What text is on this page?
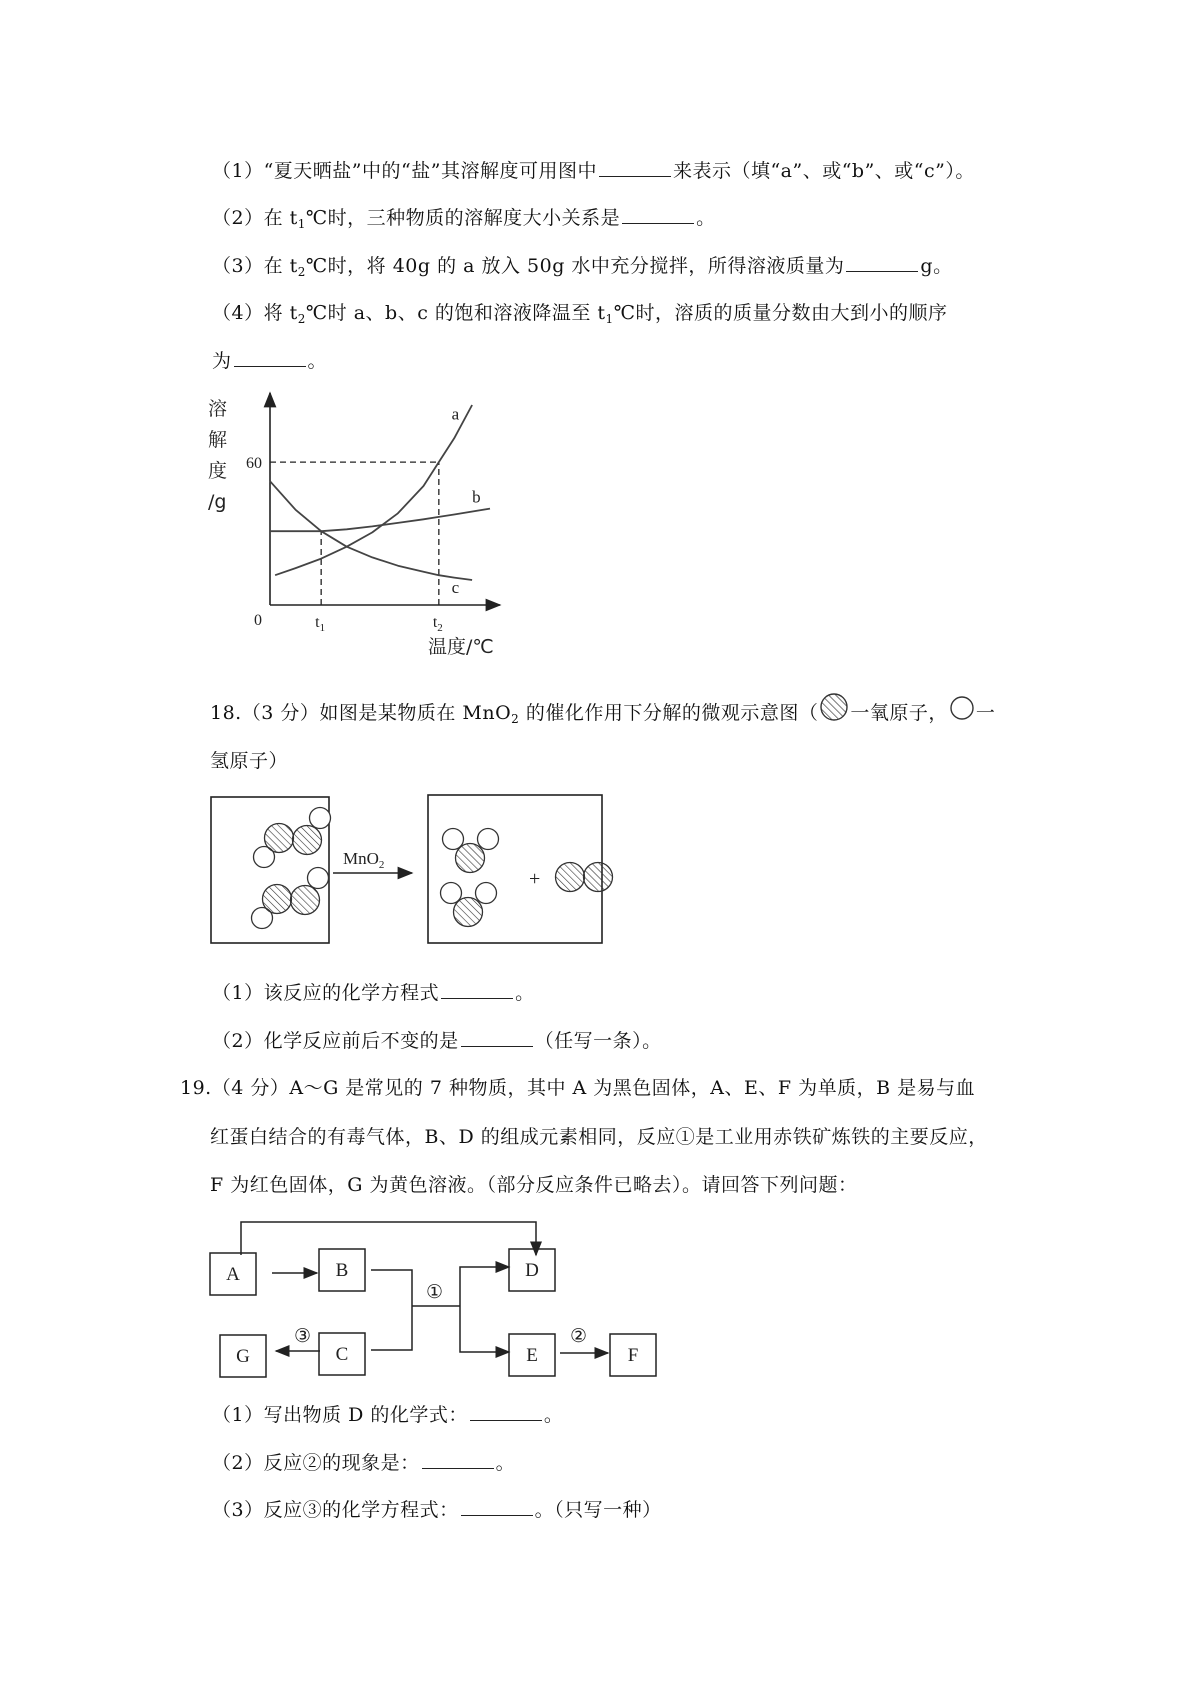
（1）“夏天晒盐”中的“盐”其溶解度可用图中	来表示（填“a”、或“b”、或“c”）。
（2）在 $t_1℃$时，三种物质的溶解度大小关系是	。
（3）在 $t_2℃$时，将 40g 的 a 放入 50g 水中充分搅拌，所得溶液质量为	g。
（4）将 $t_2℃$时 a、b、c 的饱和溶液降温至 $t_1℃$时，溶质的质量分数由大到小的顺序
为	。
溶
解
度
/g
a
b
c
60
$t_1$	$t_2$
0
温度/℃
18.（3 分）如图是某物质在 MnO$_2$ 的催化作用下分解的微观示意图（ 一氧原子， 一
氢原子）
MnO$_2$
+
（1）该反应的化学方程式	。
（2）化学反应前后不变的是	（任写一条）。
19.（4 分）A～G 是常见的 7 种物质，其中 A 为黑色固体，A、E、F 为单质，B 是易与血
红蛋白结合的有毒气体，B、D 的组成元素相同，反应①是工业用赤铁矿炼铁的主要反应，
F 为红色固体，G 为黄色溶液。（部分反应条件已略去）。请回答下列问题：
A	B
C
D
E	F
G
①
②
③
（1）写出物质 D 的化学式：	。
（2）反应②的现象是：	。
（3）反应③的化学方程式：	。（只写一种）
